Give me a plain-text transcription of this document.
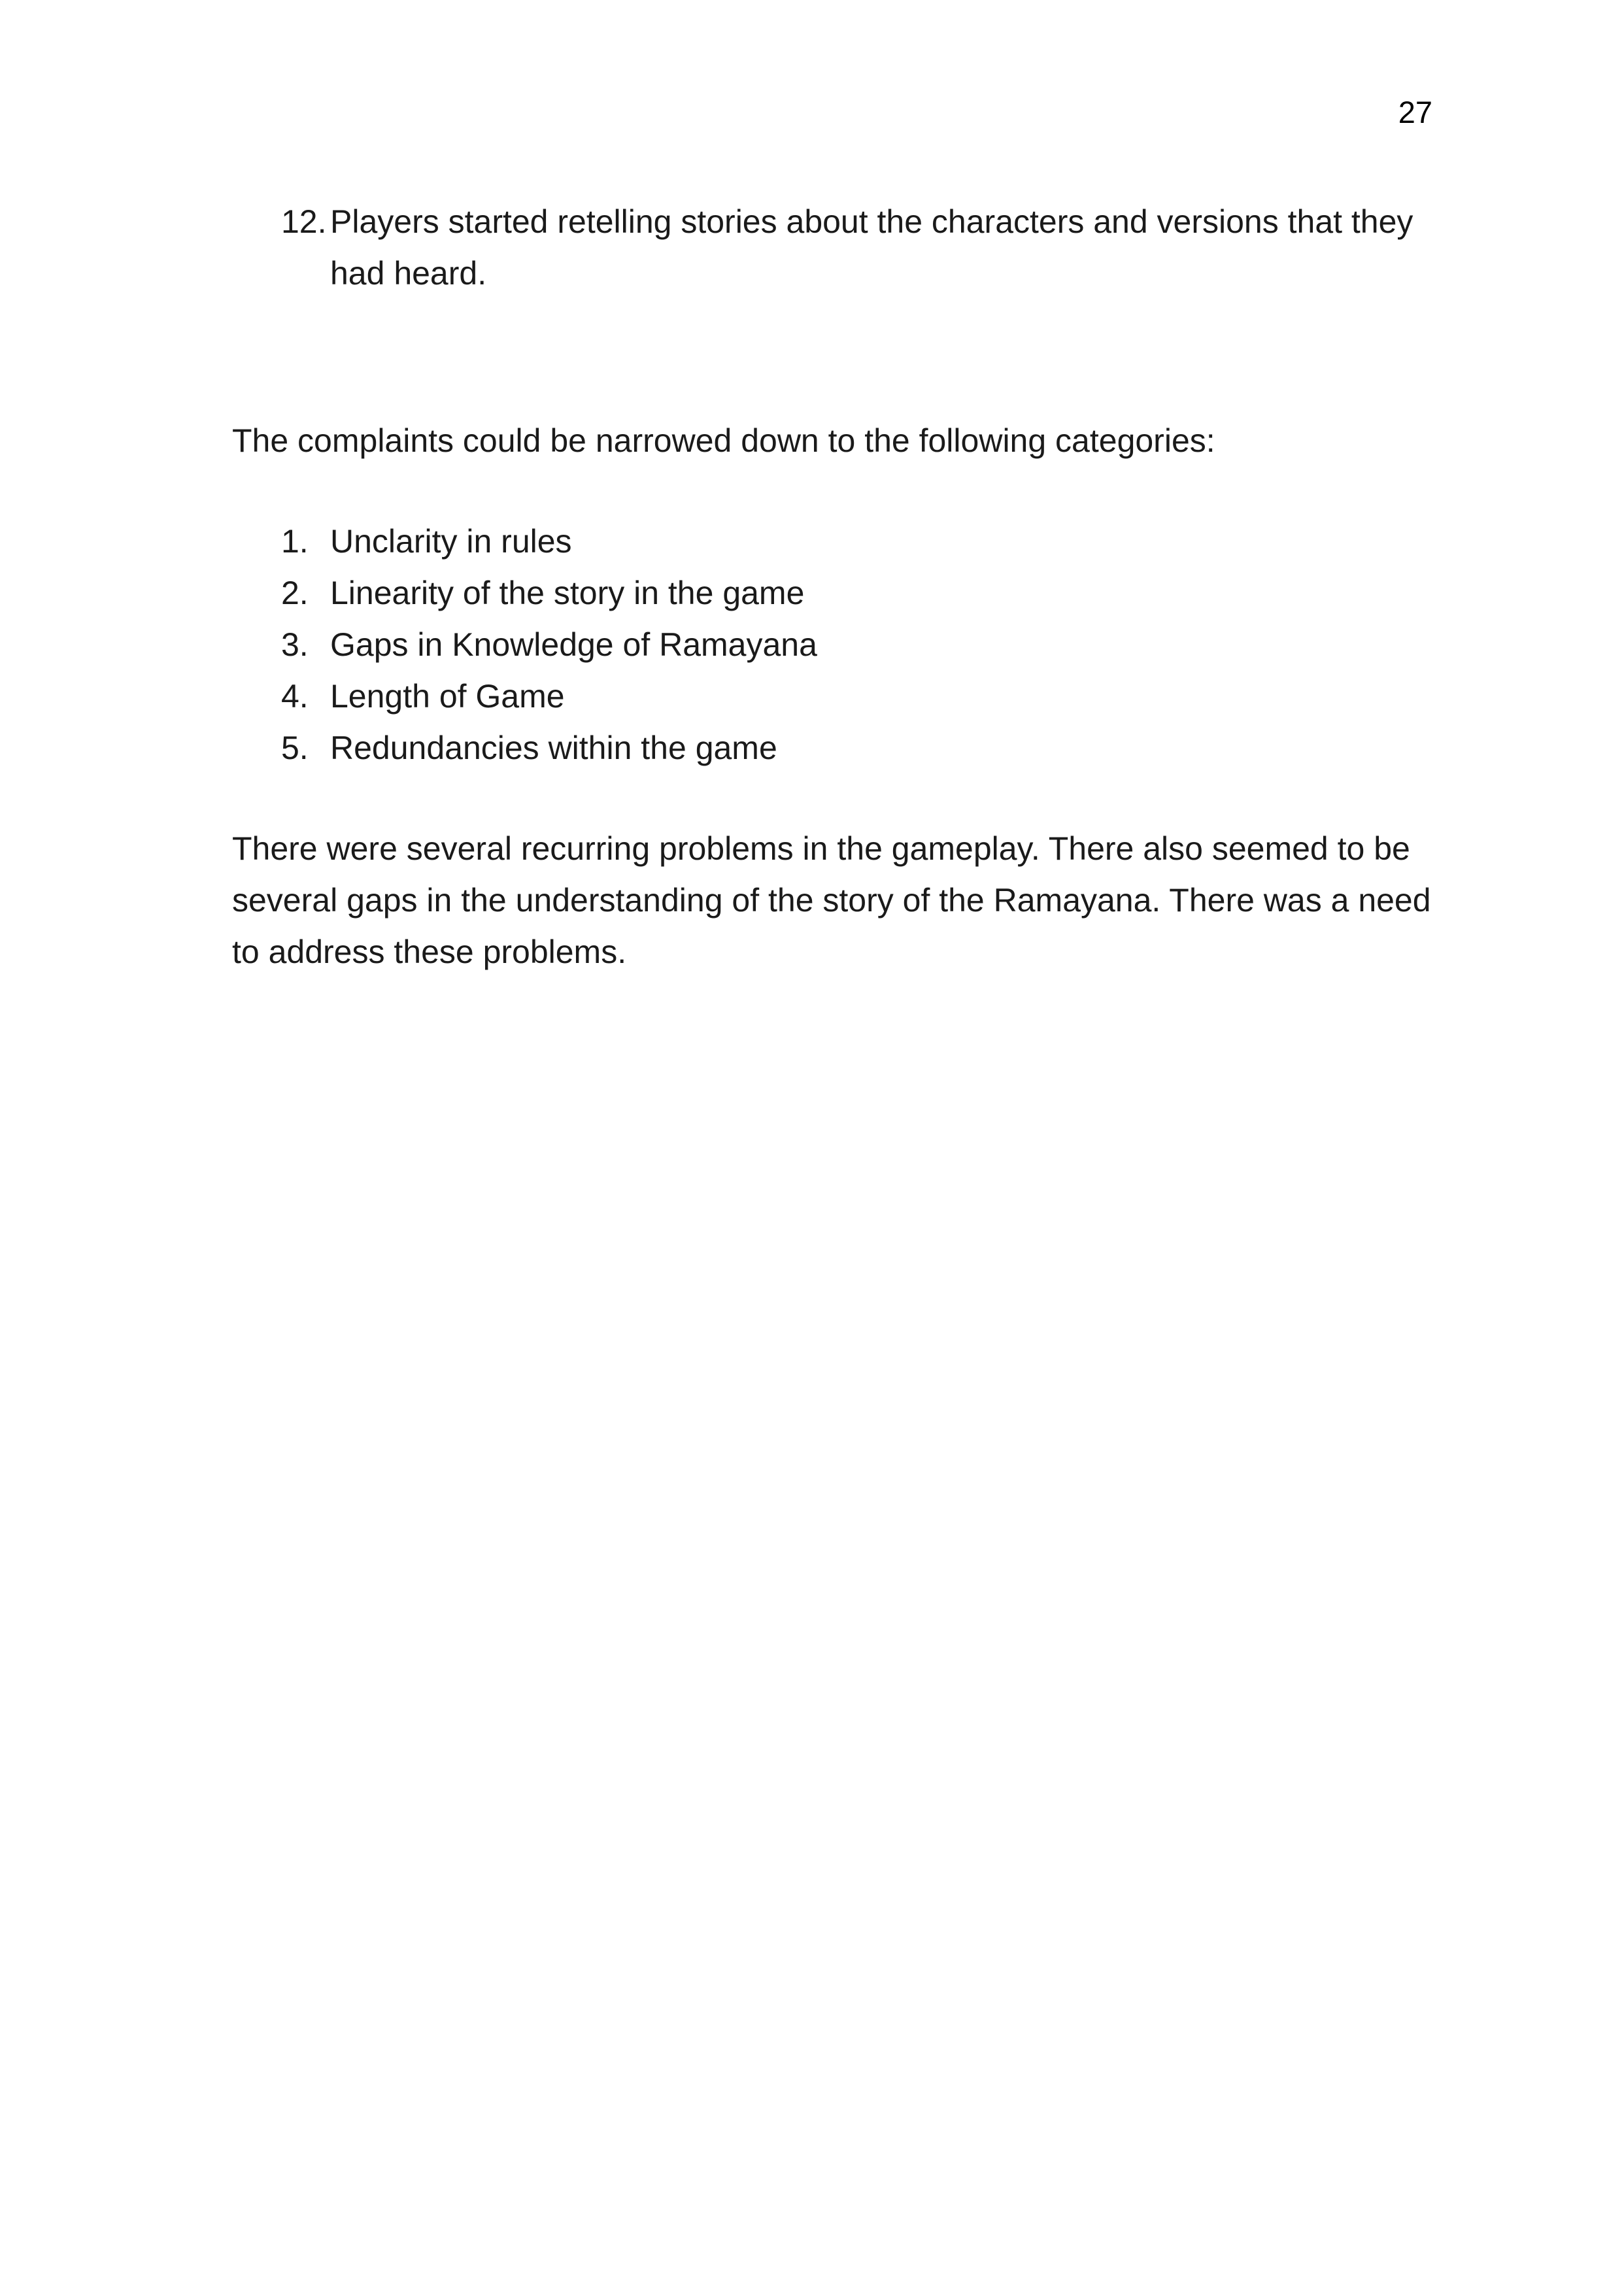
27
12. Players started retelling stories about the characters and versions that they had heard.

The complaints could be narrowed down to the following categories:

1. Unclarity in rules
2. Linearity of the story in the game
3. Gaps in Knowledge of Ramayana
4. Length of Game
5. Redundancies within the game

There were several recurring problems in the gameplay. There also seemed to be several gaps in the understanding of the story of the Ramayana. There was a need to address these problems.
